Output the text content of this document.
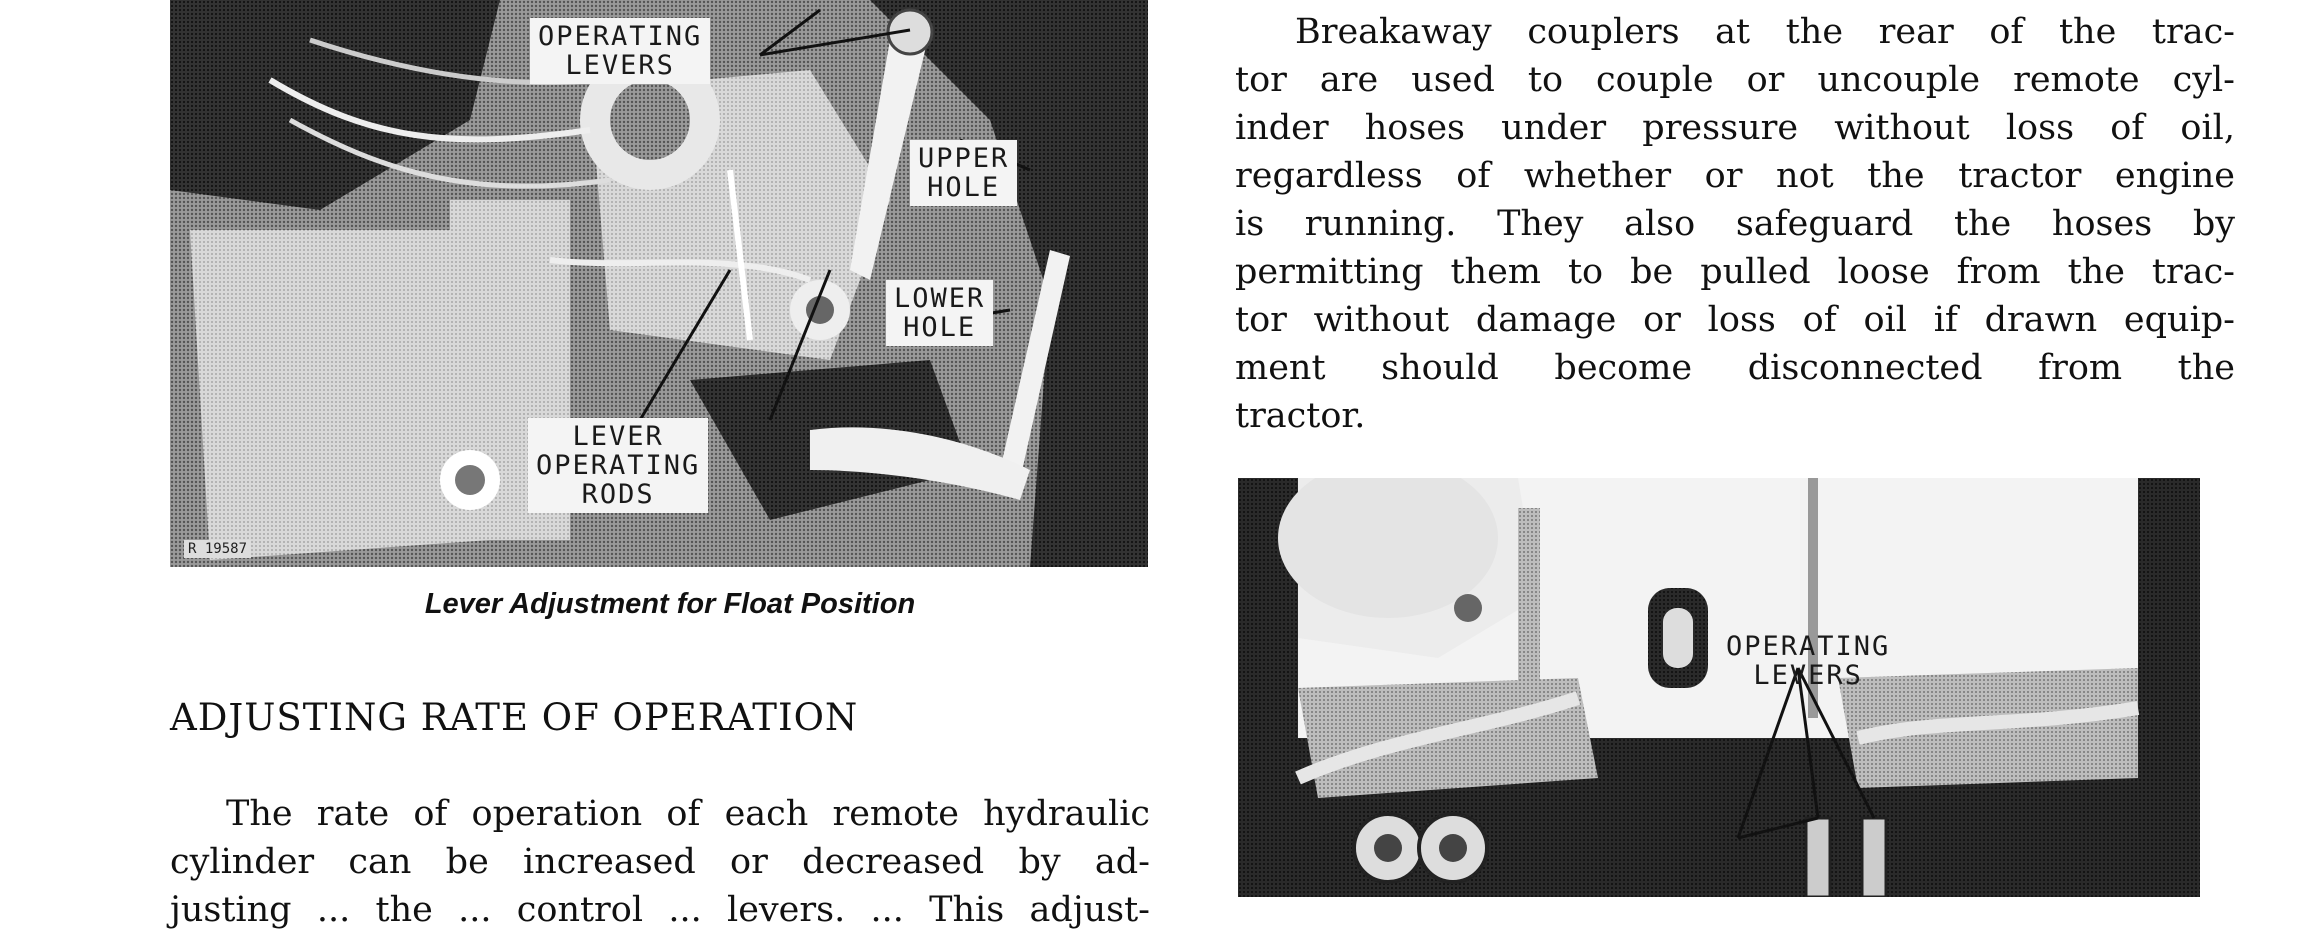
OPERATING
LEVERS
UPPER
HOLE
LOWER
HOLE
LEVER
OPERATING
RODS
R 19587
Lever Adjustment for Float Position
ADJUSTING RATE OF OPERATION
The rate of operation of each remote hydraulic
cylinder can be increased or decreased by ad-
justing ... the ... control ... levers. ... This adjust-
Breakaway couplers at the rear of the trac-
tor are used to couple or uncouple remote cyl-
inder hoses under pressure without loss of oil,
regardless of whether or not the tractor engine
is running. They also safeguard the hoses by
permitting them to be pulled loose from the trac-
tor without damage or loss of oil if drawn equip-
ment should become disconnected from the
tractor.
OPERATING
LEVERS
